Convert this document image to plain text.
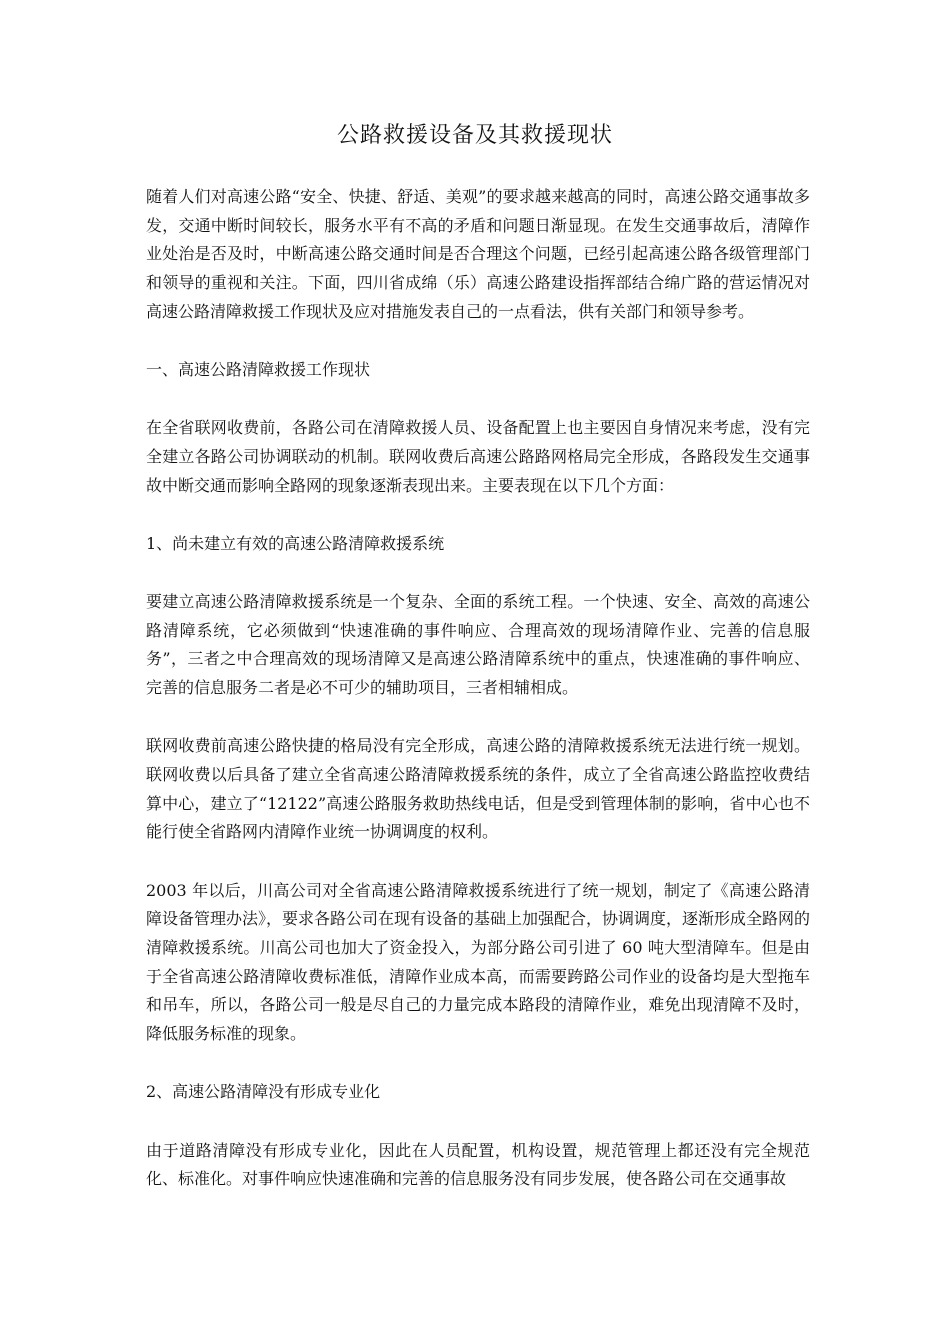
公路救援设备及其救援现状

随着人们对高速公路“安全、快捷、舒适、美观”的要求越来越高的同时，高速公路交通事故多发，交通中断时间较长，服务水平有不高的矛盾和问题日渐显现。在发生交通事故后，清障作业处治是否及时，中断高速公路交通时间是否合理这个问题，已经引起高速公路各级管理部门和领导的重视和关注。下面，四川省成绵（乐）高速公路建设指挥部结合绵广路的营运情况对高速公路清障救援工作现状及应对措施发表自己的一点看法，供有关部门和领导参考。

一、高速公路清障救援工作现状

在全省联网收费前，各路公司在清障救援人员、设备配置上也主要因自身情况来考虑，没有完全建立各路公司协调联动的机制。联网收费后高速公路路网格局完全形成，各路段发生交通事故中断交通而影响全路网的现象逐渐表现出来。主要表现在以下几个方面：

1、尚未建立有效的高速公路清障救援系统

要建立高速公路清障救援系统是一个复杂、全面的系统工程。一个快速、安全、高效的高速公路清障系统，它必须做到“快速准确的事件响应、合理高效的现场清障作业、完善的信息服务”，三者之中合理高效的现场清障又是高速公路清障系统中的重点，快速准确的事件响应、完善的信息服务二者是必不可少的辅助项目，三者相辅相成。

联网收费前高速公路快捷的格局没有完全形成，高速公路的清障救援系统无法进行统一规划。联网收费以后具备了建立全省高速公路清障救援系统的条件，成立了全省高速公路监控收费结算中心，建立了“12122”高速公路服务救助热线电话，但是受到管理体制的影响，省中心也不能行使全省路网内清障作业统一协调调度的权利。

2003 年以后，川高公司对全省高速公路清障救援系统进行了统一规划，制定了《高速公路清障设备管理办法》，要求各路公司在现有设备的基础上加强配合，协调调度，逐渐形成全路网的清障救援系统。川高公司也加大了资金投入，为部分路公司引进了 60 吨大型清障车。但是由于全省高速公路清障收费标准低，清障作业成本高，而需要跨路公司作业的设备均是大型拖车和吊车，所以，各路公司一般是尽自己的力量完成本路段的清障作业，难免出现清障不及时，降低服务标准的现象。

2、高速公路清障没有形成专业化

由于道路清障没有形成专业化，因此在人员配置，机构设置，规范管理上都还没有完全规范化、标准化。对事件响应快速准确和完善的信息服务没有同步发展，使各路公司在交通事故
